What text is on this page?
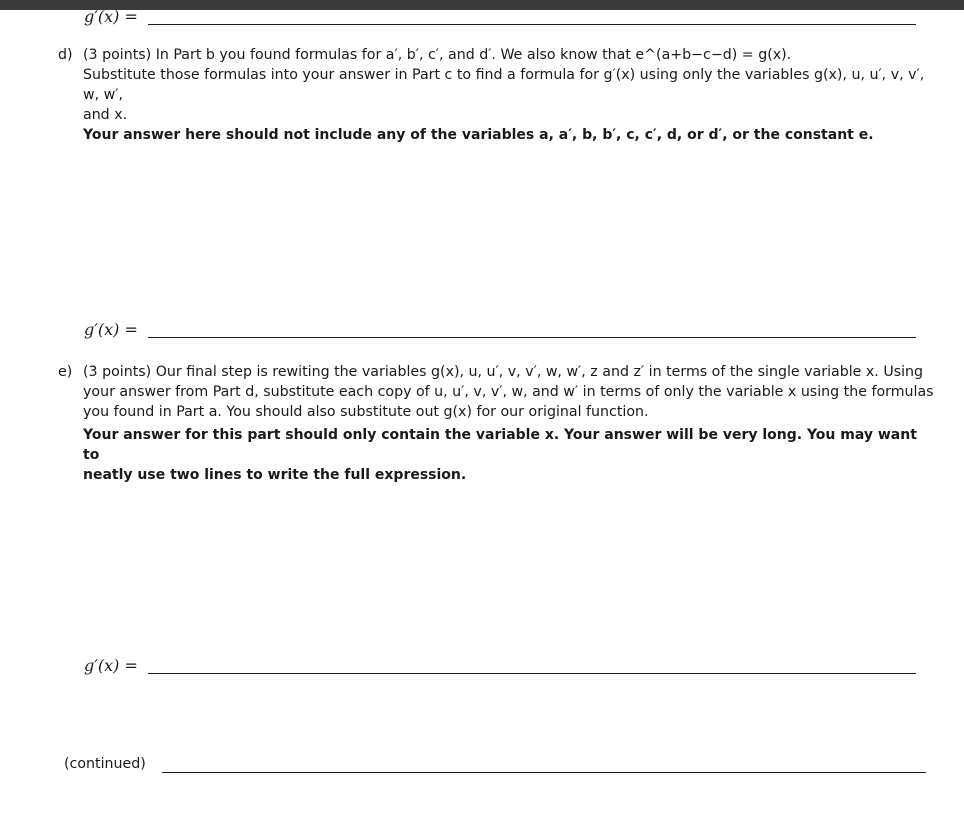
g′(x) =
d) (3 points) In Part b you found formulas for a′, b′, c′, and d′. We also know that e^(a+b−c−d) = g(x).

Substitute those formulas into your answer in Part c to find a formula for g′(x) using only the variables g(x), u, u′, v, v′, w, w′,

and x.

Your answer here should not include any of the variables a, a′, b, b′, c, c′, d, or d′, or the constant e.

g′(x) =
e) (3 points) Our final step is rewiting the variables g(x), u, u′, v, v′, w, w′, z and z′ in terms of the single variable x. Using

your answer from Part d, substitute each copy of u, u′, v, v′, w, and w′ in terms of only the variable x using the formulas

you found in Part a. You should also substitute out g(x) for our original function.

Your answer for this part should only contain the variable x. Your answer will be very long. You may want to

neatly use two lines to write the full expression.

g′(x) =
(continued)
